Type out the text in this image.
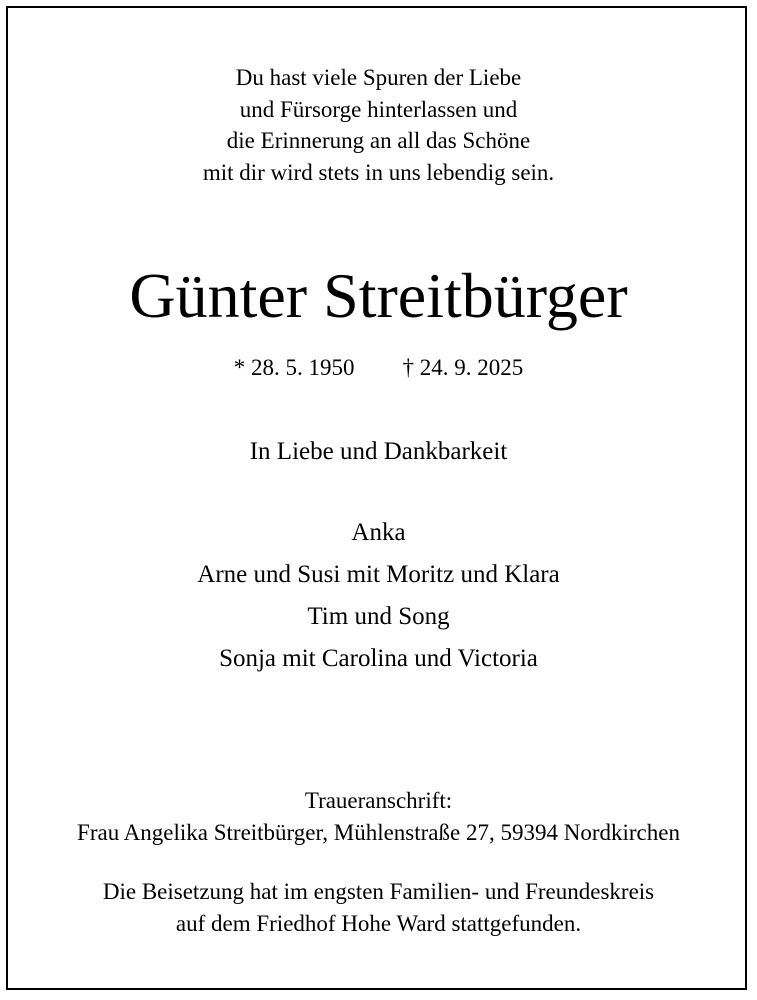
Du hast viele Spuren der Liebe
und Fürsorge hinterlassen und
die Erinnerung an all das Schöne
mit dir wird stets in uns lebendig sein.
Günter Streitbürger
* 28. 5. 1950 † 24. 9. 2025
In Liebe und Dankbarkeit
Anka
Arne und Susi mit Moritz und Klara
Tim und Song
Sonja mit Carolina und Victoria
Traueranschrift:
Frau Angelika Streitbürger, Mühlenstraße 27, 59394 Nordkirchen
Die Beisetzung hat im engsten Familien- und Freundeskreis
auf dem Friedhof Hohe Ward stattgefunden.
